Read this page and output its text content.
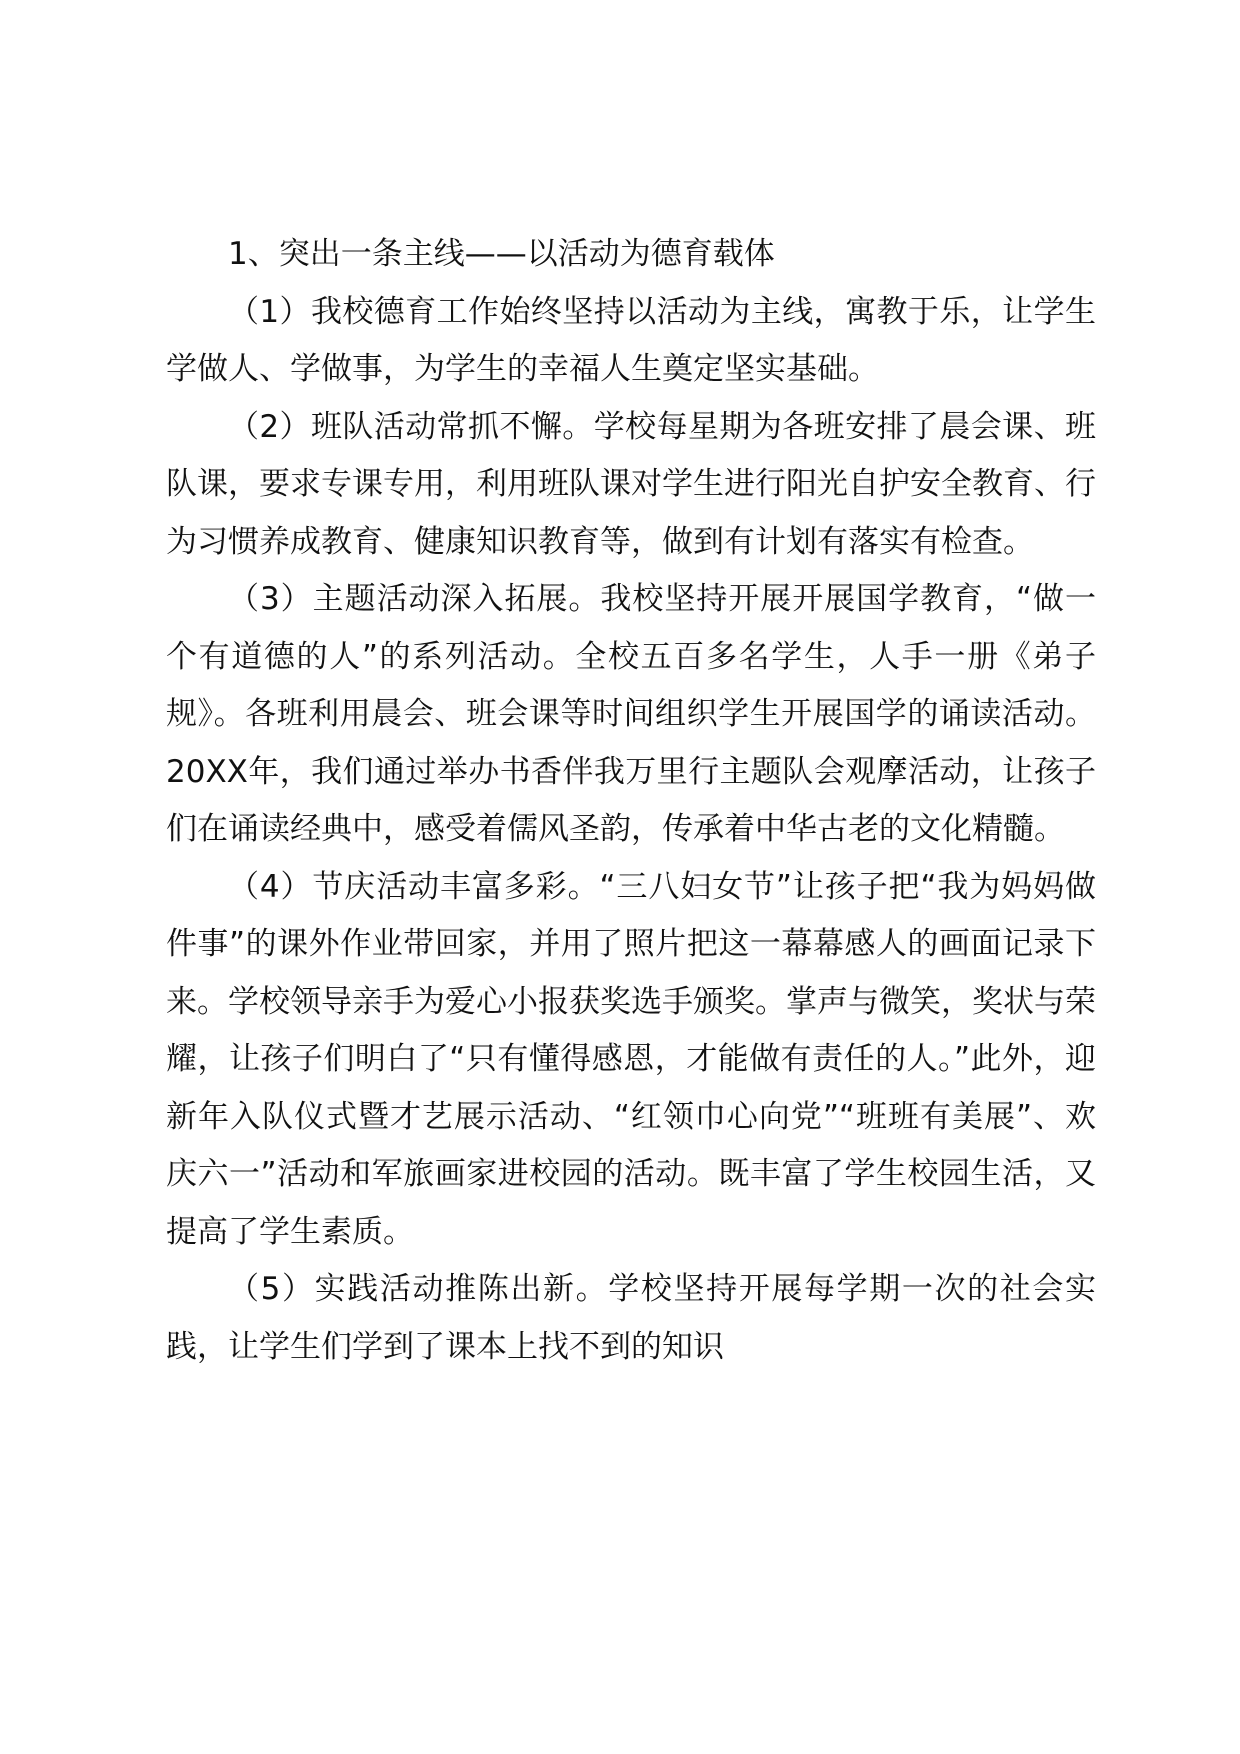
1、突出一条主线——以活动为德育载体

（1）我校德育工作始终坚持以活动为主线，寓教于乐，让学生学做人、学做事，为学生的幸福人生奠定坚实基础。

（2）班队活动常抓不懈。学校每星期为各班安排了晨会课、班队课，要求专课专用，利用班队课对学生进行阳光自护安全教育、行为习惯养成教育、健康知识教育等，做到有计划有落实有检查。

（3）主题活动深入拓展。我校坚持开展开展国学教育，“做一个有道德的人”的系列活动。全校五百多名学生，人手一册《弟子规》。各班利用晨会、班会课等时间组织学生开展国学的诵读活动。20XX年，我们通过举办书香伴我万里行主题队会观摩活动，让孩子们在诵读经典中，感受着儒风圣韵，传承着中华古老的文化精髓。

（4）节庆活动丰富多彩。“三八妇女节”让孩子把“我为妈妈做件事”的课外作业带回家，并用了照片把这一幕幕感人的画面记录下来。学校领导亲手为爱心小报获奖选手颁奖。掌声与微笑，奖状与荣耀，让孩子们明白了“只有懂得感恩，才能做有责任的人。”此外，迎新年入队仪式暨才艺展示活动、“红领巾心向党”“班班有美展”、欢庆六一”活动和军旅画家进校园的活动。既丰富了学生校园生活，又提高了学生素质。

（5）实践活动推陈出新。学校坚持开展每学期一次的社会实践，让学生们学到了课本上找不到的知识
